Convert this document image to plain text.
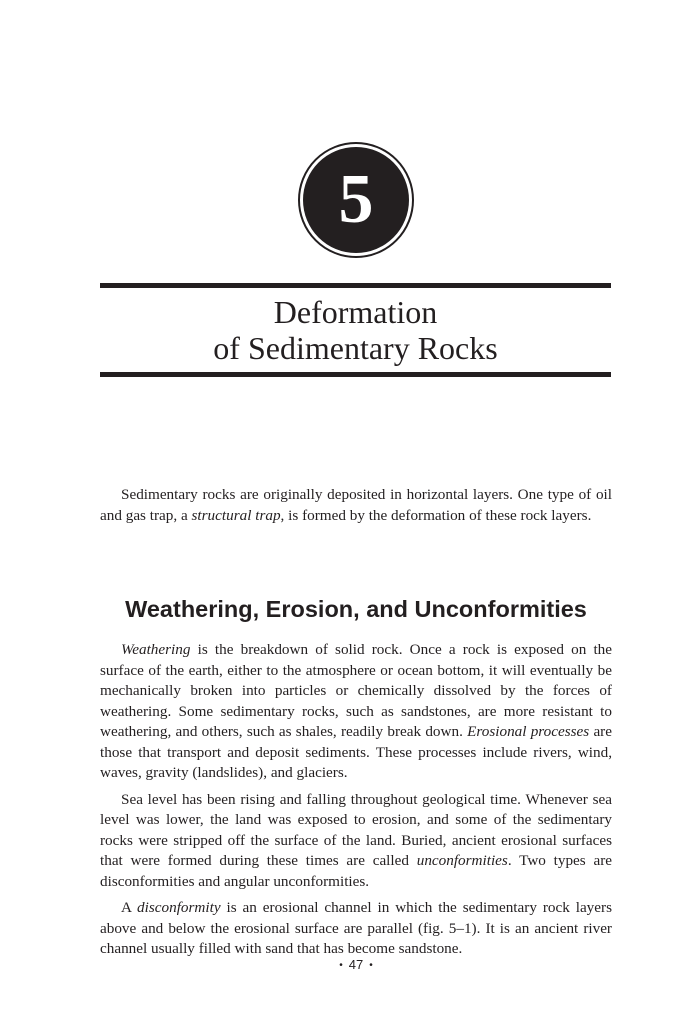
5
Deformation
of Sedimentary Rocks

Sedimentary rocks are originally deposited in horizontal layers. One type of oil and gas trap, a structural trap, is formed by the deformation of these rock layers.

Weathering, Erosion, and Unconformities

Weathering is the breakdown of solid rock. Once a rock is exposed on the surface of the earth, either to the atmosphere or ocean bottom, it will eventually be mechanically broken into particles or chemically dissolved by the forces of weathering. Some sedimentary rocks, such as sandstones, are more resistant to weathering, and others, such as shales, readily break down. Erosional processes are those that transport and deposit sediments. These processes include rivers, wind, waves, gravity (landslides), and glaciers.

Sea level has been rising and falling throughout geological time. Whenever sea level was lower, the land was exposed to erosion, and some of the sedimentary rocks were stripped off the surface of the land. Buried, ancient erosional surfaces that were formed during these times are called unconformities. Two types are disconformities and angular unconformities.

A disconformity is an erosional channel in which the sedimentary rock layers above and below the erosional surface are parallel (fig. 5–1). It is an ancient river channel usually filled with sand that has become sandstone.

• 47 •
